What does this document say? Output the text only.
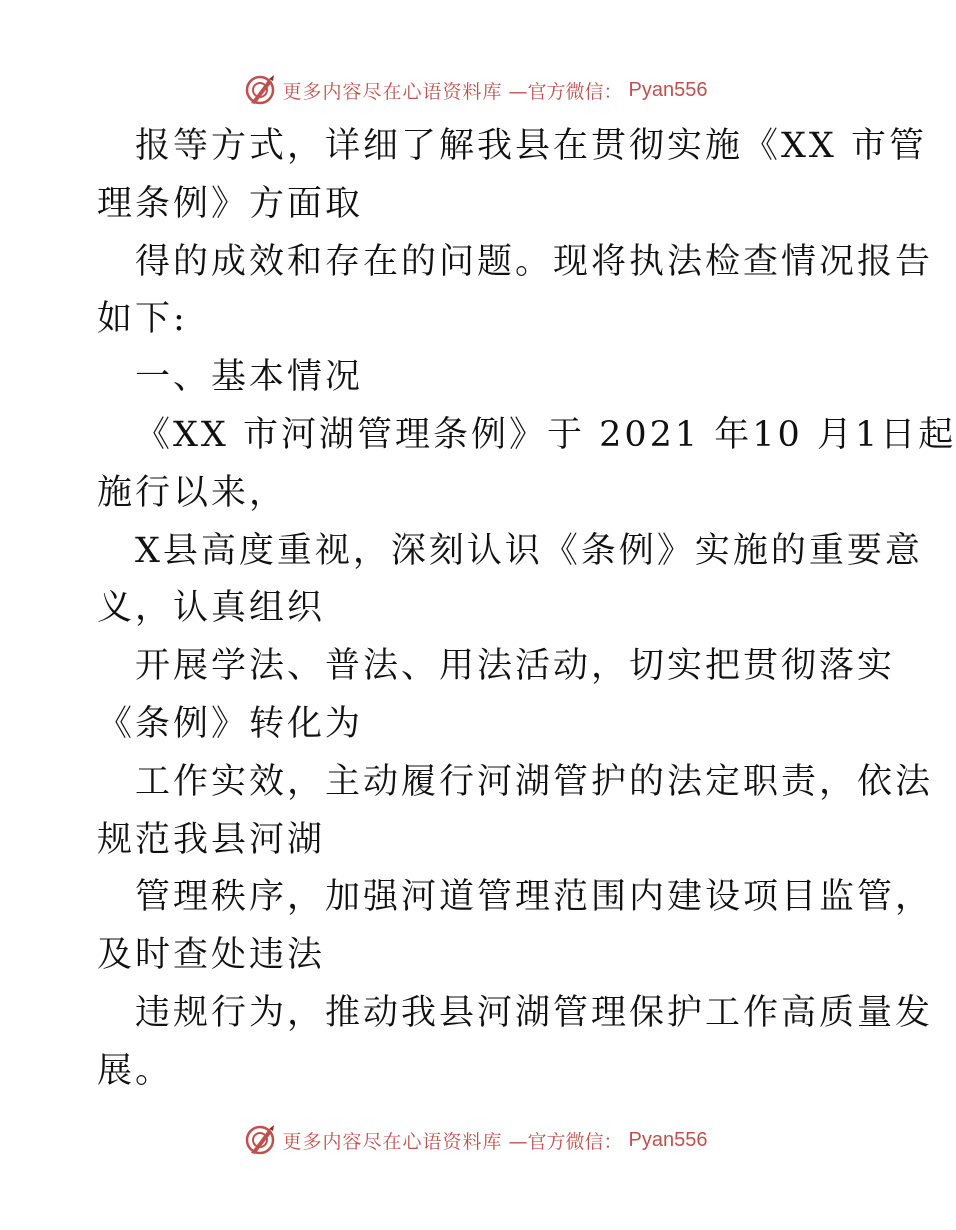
更多内容尽在心语资料库 —官方微信： Pyan556
报等方式，详细了解我县在贯彻实施《XX 市管
理条例》方面取
得的成效和存在的问题。现将执法检查情况报告
如下:
一、基本情况
《XX 市河湖管理条例》于 2021 年10 月1日起
施行以来，
X县高度重视，深刻认识《条例》实施的重要意
义，认真组织
开展学法、普法、用法活动，切实把贯彻落实
《条例》转化为
工作实效，主动履行河湖管护的法定职责，依法
规范我县河湖
管理秩序，加强河道管理范围内建设项目监管，
及时查处违法
违规行为，推动我县河湖管理保护工作高质量发
展。
更多内容尽在心语资料库 —官方微信： Pyan556
